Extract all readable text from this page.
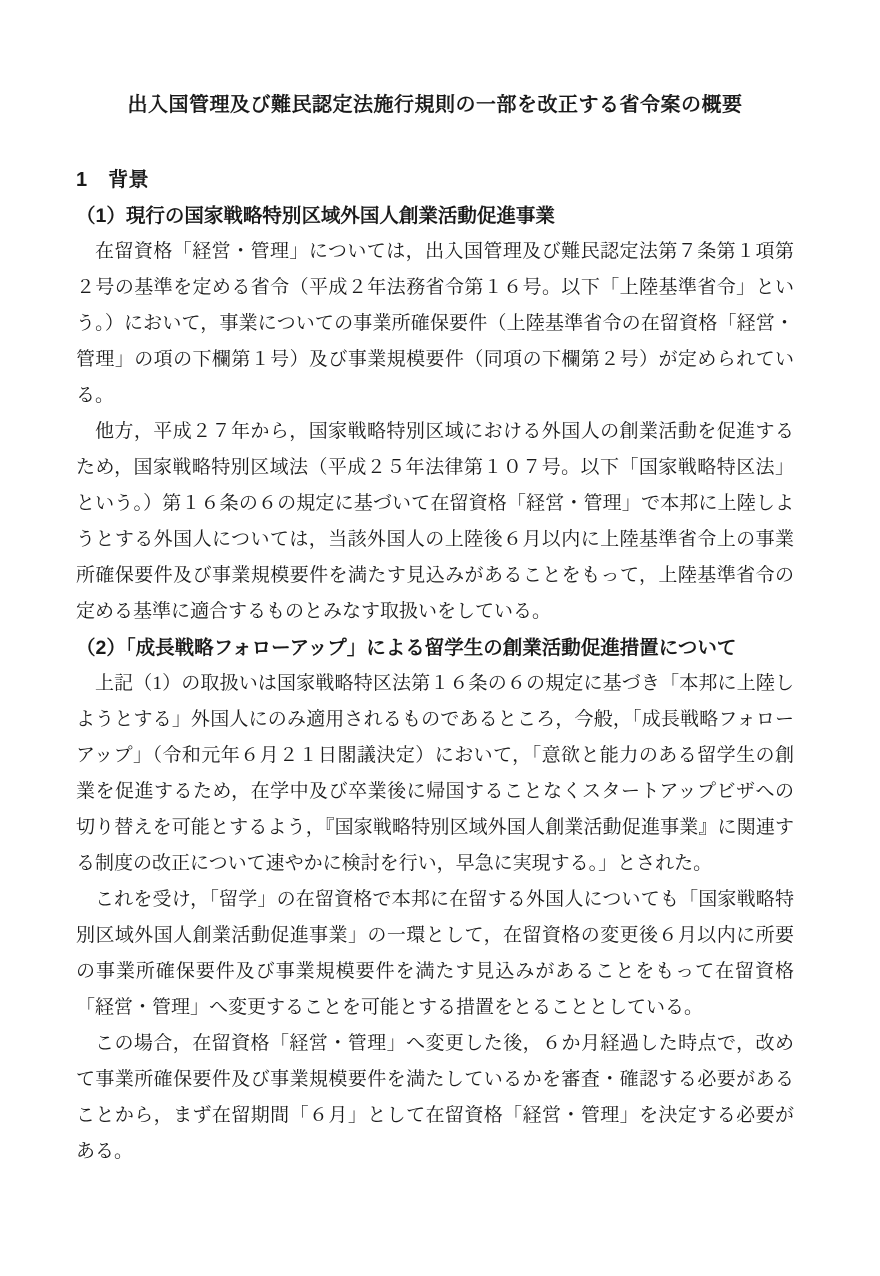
出入国管理及び難民認定法施行規則の一部を改正する省令案の概要
1　背景
（1）現行の国家戦略特別区域外国人創業活動促進事業

在留資格「経営・管理」については，出入国管理及び難民認定法第７条第１項第２号の基準を定める省令（平成２年法務省令第１６号。以下「上陸基準省令」という。）において，事業についての事業所確保要件（上陸基準省令の在留資格「経営・管理」の項の下欄第１号）及び事業規模要件（同項の下欄第２号）が定められている。

他方，平成２７年から，国家戦略特別区域における外国人の創業活動を促進するため，国家戦略特別区域法（平成２５年法律第１０７号。以下「国家戦略特区法」という。）第１６条の６の規定に基づいて在留資格「経営・管理」で本邦に上陸しようとする外国人については，当該外国人の上陸後６月以内に上陸基準省令上の事業所確保要件及び事業規模要件を満たす見込みがあることをもって，上陸基準省令の定める基準に適合するものとみなす取扱いをしている。

（2）「成長戦略フォローアップ」による留学生の創業活動促進措置について

上記（1）の取扱いは国家戦略特区法第１６条の６の規定に基づき「本邦に上陸しようとする」外国人にのみ適用されるものであるところ，今般，「成長戦略フォローアップ」（令和元年６月２１日閣議決定）において，「意欲と能力のある留学生の創業を促進するため，在学中及び卒業後に帰国することなくスタートアップビザへの切り替えを可能とするよう，『国家戦略特別区域外国人創業活動促進事業』に関連する制度の改正について速やかに検討を行い，早急に実現する。」とされた。

これを受け，「留学」の在留資格で本邦に在留する外国人についても「国家戦略特別区域外国人創業活動促進事業」の一環として，在留資格の変更後６月以内に所要の事業所確保要件及び事業規模要件を満たす見込みがあることをもって在留資格「経営・管理」へ変更することを可能とする措置をとることとしている。

この場合，在留資格「経営・管理」へ変更した後，６か月経過した時点で，改めて事業所確保要件及び事業規模要件を満たしているかを審査・確認する必要があることから，まず在留期間「６月」として在留資格「経営・管理」を決定する必要がある。
